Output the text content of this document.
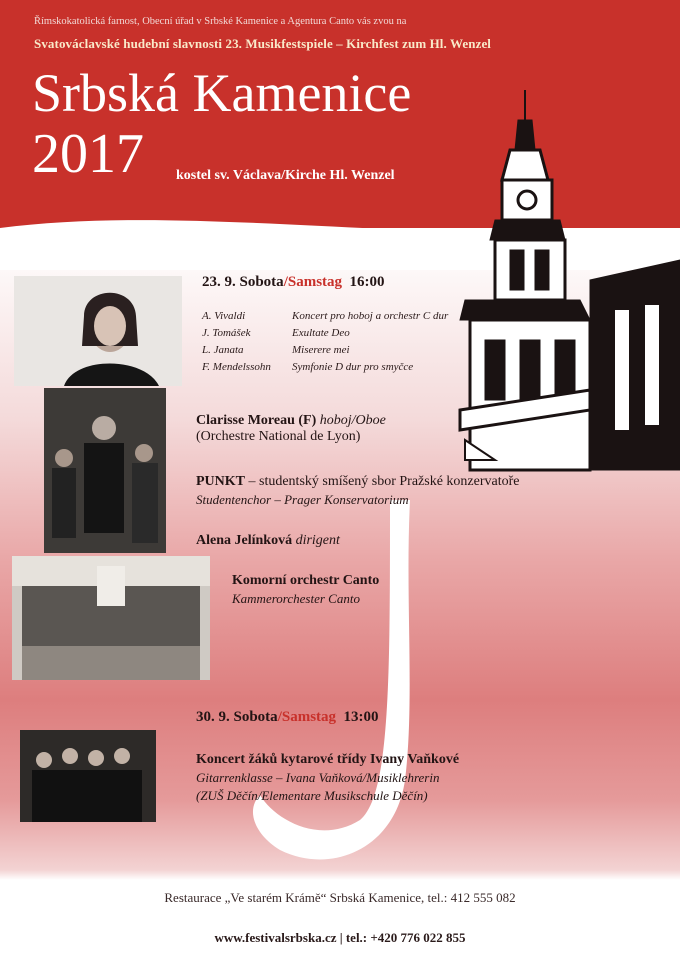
Římskokatolická farnost, Obecní úřad v Srbské Kamenice a Agentura Canto vás zvou na
Svatováclavské hudební slavnosti 23. Musikfestspiele – Kirchfest zum Hl. Wenzel
Srbská Kamenice
2017 kostel sv. Václava/Kirche Hl. Wenzel
23. 9. Sobota/Samstag 16:00
A. Vivaldi	Koncert pro hoboj a orchestr C dur
J. Tomášek	Exultate Deo
L. Janata	Miserere mei
F. Mendelssohn	Symfonie D dur pro smyčce
Clarisse Moreau (F) hoboj/Oboe
(Orchestre National de Lyon)
PUNKT – studentský smíšený sbor Pražské konzervatoře
Studentenchor – Prager Konservatorium
Alena Jelínková dirigent
Komorní orchestr Canto
Kammerorchester Canto
30. 9. Sobota/Samstag 13:00
Koncert žáků kytarové třídy Ivany Vaňkové
Gitarrenklasse – Ivana Vaňková/Musiklehrerin
(ZUŠ Děčín/Elementare Musikschule Děčín)
Restaurace „Ve starém Krámě“ Srbská Kamenice, tel.: 412 555 082
www.festivalsrbska.cz | tel.: +420 776 022 855
